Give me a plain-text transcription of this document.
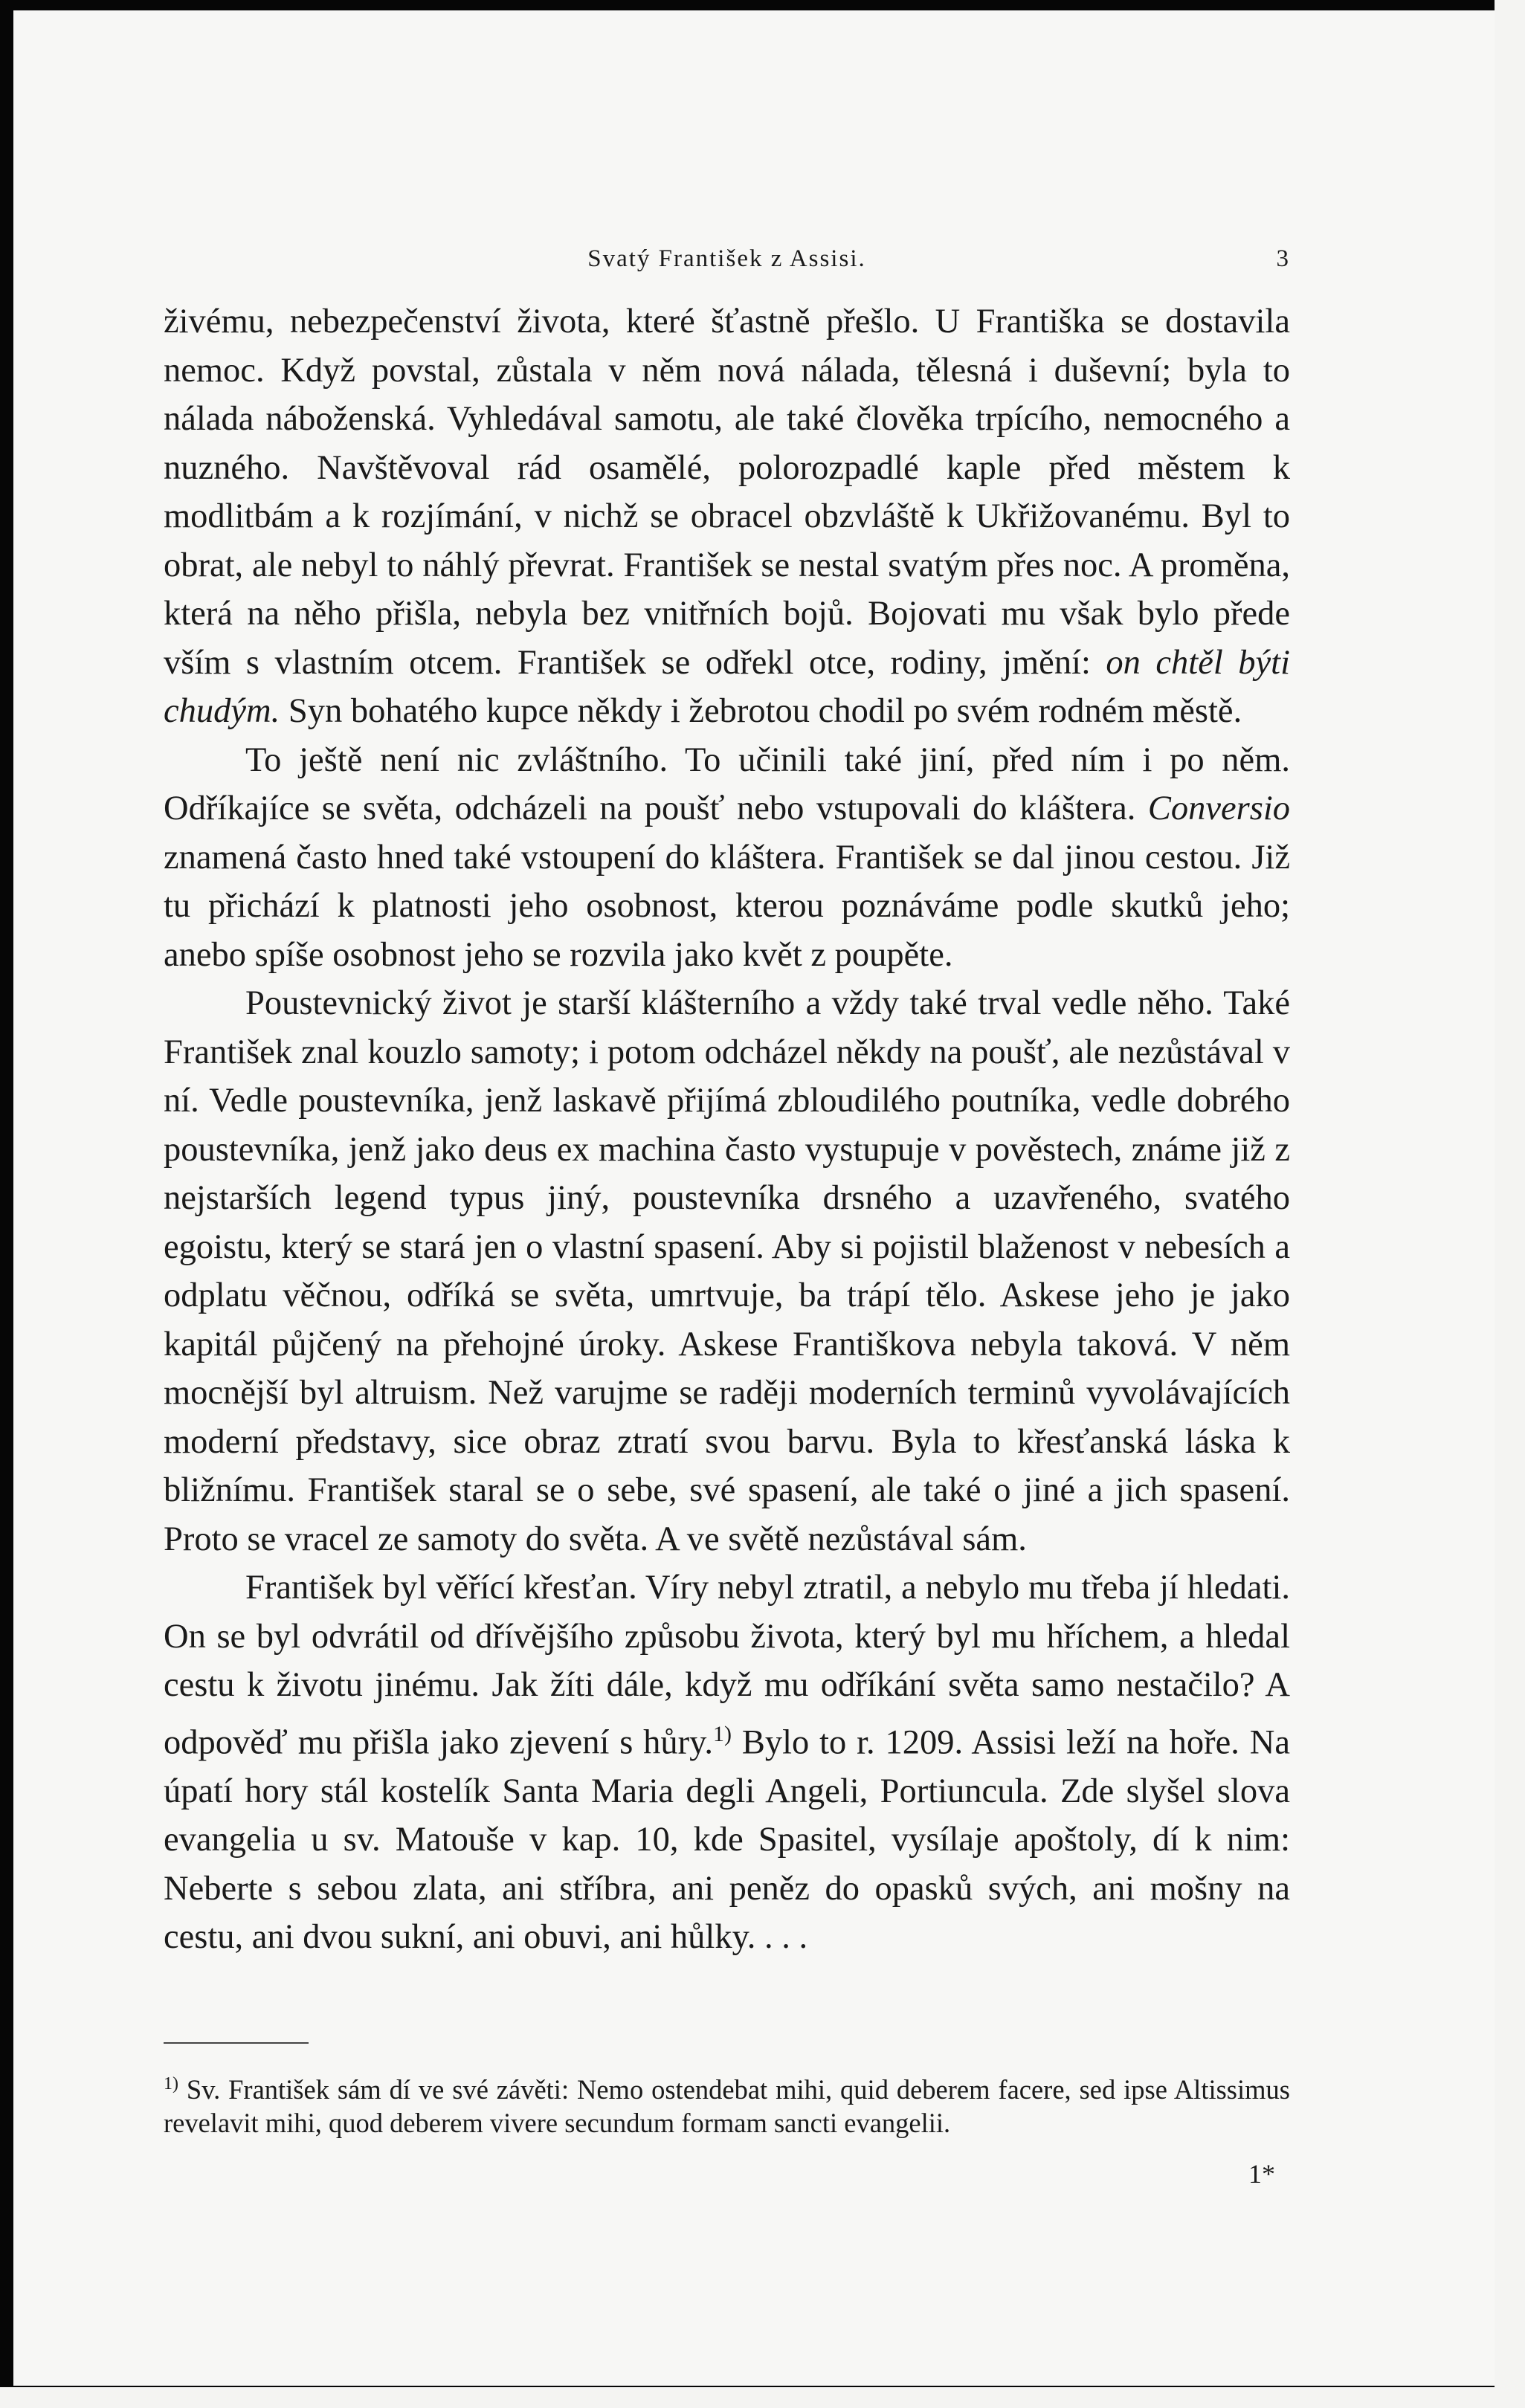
Svatý František z Assisi.	3

živému, nebezpečenství života, které šťastně přešlo. U Františka se dostavila nemoc. Když povstal, zůstala v něm nová nálada, tělesná i duševní; byla to nálada náboženská. Vyhledával samotu, ale také člověka trpícího, nemocného a nuzného. Navštěvoval rád osamělé, polorozpadlé kaple před městem k modlitbám a k rozjímání, v nichž se obracel obzvláště k Ukřižovanému. Byl to obrat, ale nebyl to náhlý převrat. František se nestal svatým přes noc. A proměna, která na něho přišla, nebyla bez vnitřních bojů. Bojovati mu však bylo přede vším s vlastním otcem. František se odřekl otce, rodiny, jmění: on chtěl býti chudým. Syn bohatého kupce někdy i žebrotou chodil po svém rodném městě.

To ještě není nic zvláštního. To učinili také jiní, před ním i po něm. Odříkajíce se světa, odcházeli na poušť nebo vstupovali do kláštera. Conversio znamená často hned také vstoupení do kláštera. František se dal jinou cestou. Již tu přichází k platnosti jeho osobnost, kterou poznáváme podle skutků jeho; anebo spíše osobnost jeho se rozvila jako květ z poupěte.

Poustevnický život je starší klášterního a vždy také trval vedle něho. Také František znal kouzlo samoty; i potom odcházel někdy na poušť, ale nezůstával v ní. Vedle poustevníka, jenž laskavě přijímá zbloudilého poutníka, vedle dobrého poustevníka, jenž jako deus ex machina často vystupuje v pověstech, známe již z nejstarších legend typus jiný, poustevníka drsného a uzavřeného, svatého egoistu, který se stará jen o vlastní spasení. Aby si pojistil blaženost v nebesích a odplatu věčnou, odříká se světa, umrtvuje, ba trápí tělo. Askese jeho je jako kapitál půjčený na přehojné úroky. Askese Františkova nebyla taková. V něm mocnější byl altruism. Než varujme se raději moderních terminů vyvolávajících moderní představy, sice obraz ztratí svou barvu. Byla to křesťanská láska k bližnímu. František staral se o sebe, své spasení, ale také o jiné a jich spasení. Proto se vracel ze samoty do světa. A ve světě nezůstával sám.

František byl věřící křesťan. Víry nebyl ztratil, a nebylo mu třeba jí hledati. On se byl odvrátil od dřívějšího způsobu života, který byl mu hříchem, a hledal cestu k životu jinému. Jak žíti dále, když mu odříkání světa samo nestačilo? A odpověď mu přišla jako zjevení s hůry.$^{1)}$ Bylo to r. 1209. Assisi leží na hoře. Na úpatí hory stál kostelík Santa Maria degli Angeli, Portiuncula. Zde slyšel slova evangelia u sv. Matouše v kap. 10, kde Spasitel, vysílaje apoštoly, dí k nim: Neberte s sebou zlata, ani stříbra, ani peněz do opasků svých, ani mošny na cestu, ani dvou sukní, ani obuvi, ani hůlky. . . .

$^{1)}$ Sv. František sám dí ve své závěti: Nemo ostendebat mihi, quid deberem facere, sed ipse Altissimus revelavit mihi, quod deberem vivere secundum formam sancti evangelii.

1*
